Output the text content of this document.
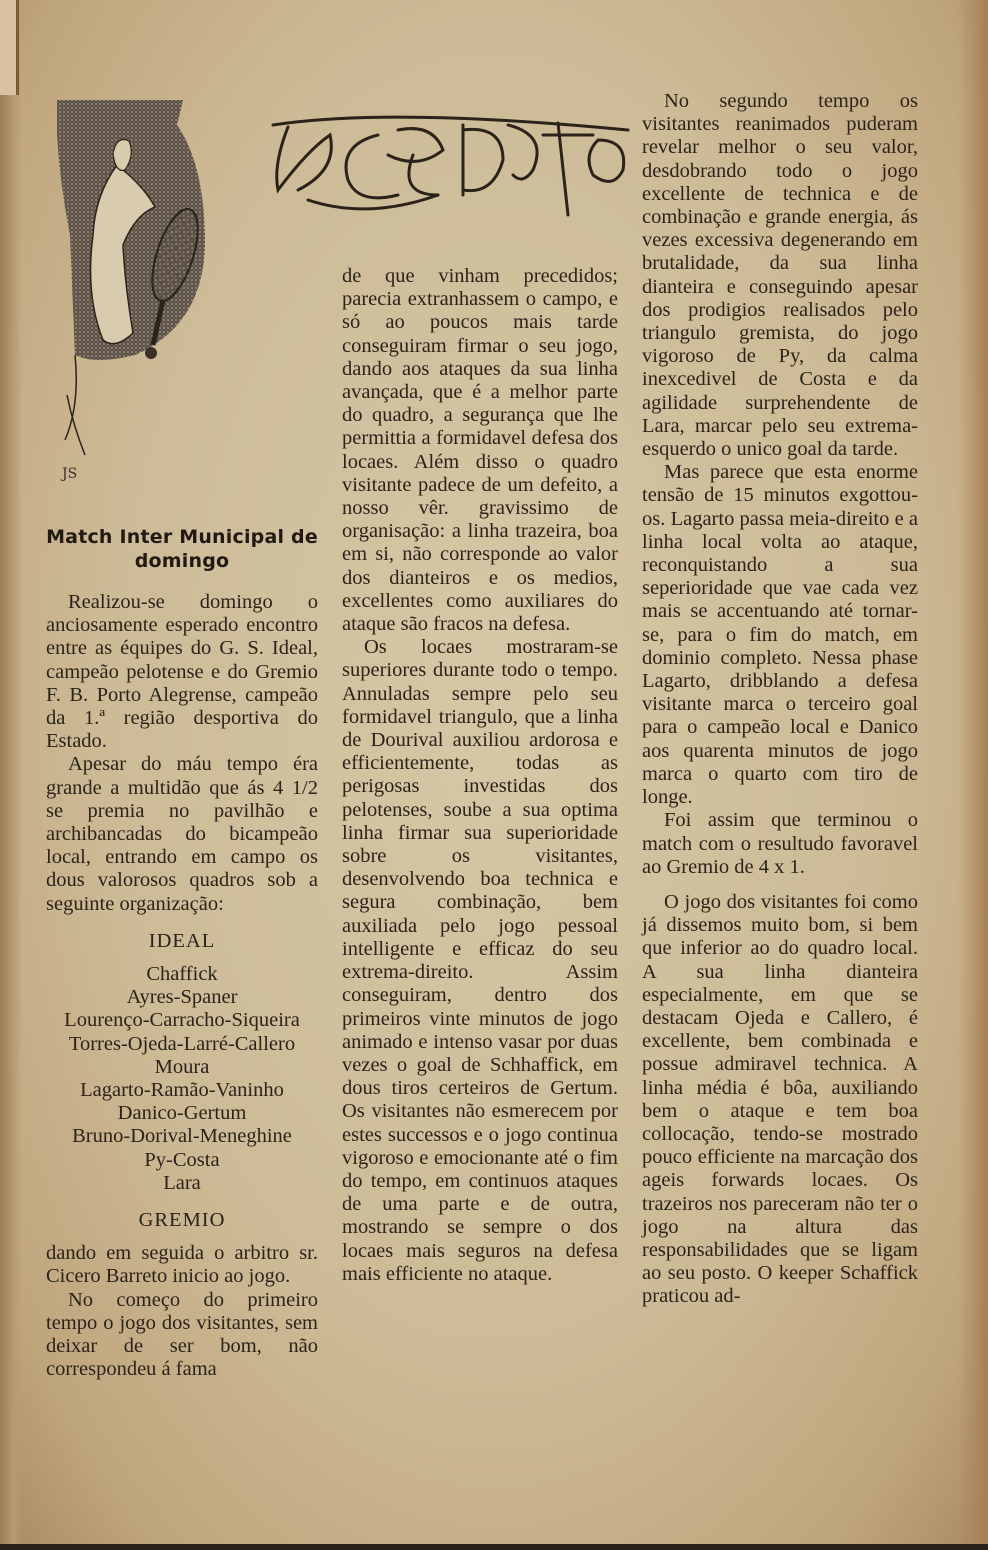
JS
DESPORTO
Match Inter Municipal de domingo

Realizou-se domingo o anciosamente esperado encontro entre as équipes do G. S. Ideal, campeão pelotense e do Gremio F. B. Porto Alegrense, campeão da 1.ª região desportiva do Estado.

Apesar do máu tempo éra grande a multidão que ás 4 1/2 se premia no pavilhão e archibancadas do bicampeão local, entrando em campo os dous valorosos quadros sob a seguinte organização:

IDEAL
Chaffick
Ayres-Spaner
Lourenço-Carracho-Siqueira
Torres-Ojeda-Larré-Callero
Moura
Lagarto-Ramão-Vaninho
Danico-Gertum
Bruno-Dorival-Meneghine
Py-Costa
Lara
GREMIO

dando em seguida o arbitro sr. Cicero Barreto inicio ao jogo.

No começo do primeiro tempo o jogo dos visitantes, sem deixar de ser bom, não correspondeu á fama

de que vinham precedidos; parecia extranhassem o campo, e só ao poucos mais tarde conseguiram firmar o seu jogo, dando aos ataques da sua linha avançada, que é a melhor parte do quadro, a segurança que lhe permittia a formidavel defesa dos locaes. Além disso o quadro visitante padece de um defeito, a nosso vêr. gravissimo de organisação: a linha trazeira, boa em si, não corresponde ao valor dos dianteiros e os medios, excellentes como auxiliares do ataque são fracos na defesa.

Os locaes mostraram-se superiores durante todo o tempo. Annuladas sempre pelo seu formidavel triangulo, que a linha de Dourival auxiliou ardorosa e efficientemente, todas as perigosas investidas dos pelotenses, soube a sua optima linha firmar sua superioridade sobre os visitantes, desenvolvendo boa technica e segura combinação, bem auxiliada pelo jogo pessoal intelligente e efficaz do seu extrema-direito. Assim conseguiram, dentro dos primeiros vinte minutos de jogo animado e intenso vasar por duas vezes o goal de Schhaffick, em dous tiros certeiros de Gertum. Os visitantes não esmerecem por estes successos e o jogo continua vigoroso e emocionante até o fim do tempo, em continuos ataques de uma parte e de outra, mostrando se sempre o dos locaes mais seguros na defesa mais efficiente no ataque.

No segundo tempo os visitantes reanimados puderam revelar melhor o seu valor, desdobrando todo o jogo excellente de technica e de combinação e grande energia, ás vezes excessiva degenerando em brutalidade, da sua linha dianteira e conseguindo apesar dos prodigios realisados pelo triangulo gremista, do jogo vigoroso de Py, da calma inexcedivel de Costa e da agilidade surprehendente de Lara, marcar pelo seu extrema-esquerdo o unico goal da tarde.

Mas parece que esta enorme tensão de 15 minutos exgottou-os. Lagarto passa meia-direito e a linha local volta ao ataque, reconquistando a sua seperioridade que vae cada vez mais se accentuando até tornar-se, para o fim do match, em dominio completo. Nessa phase Lagarto, dribblando a defesa visitante marca o terceiro goal para o campeão local e Danico aos quarenta minutos de jogo marca o quarto com tiro de longe.

Foi assim que terminou o match com o resultudo favoravel ao Gremio de 4 x 1.

O jogo dos visitantes foi como já dissemos muito bom, si bem que inferior ao do quadro local. A sua linha dianteira especialmente, em que se destacam Ojeda e Callero, é excellente, bem combinada e possue admiravel technica. A linha média é bôa, auxiliando bem o ataque e tem boa collocação, tendo-se mostrado pouco efficiente na marcação dos ageis forwards locaes. Os trazeiros nos pareceram não ter o jogo na altura das responsabilidades que se ligam ao seu posto. O keeper Schaffick praticou ad-
